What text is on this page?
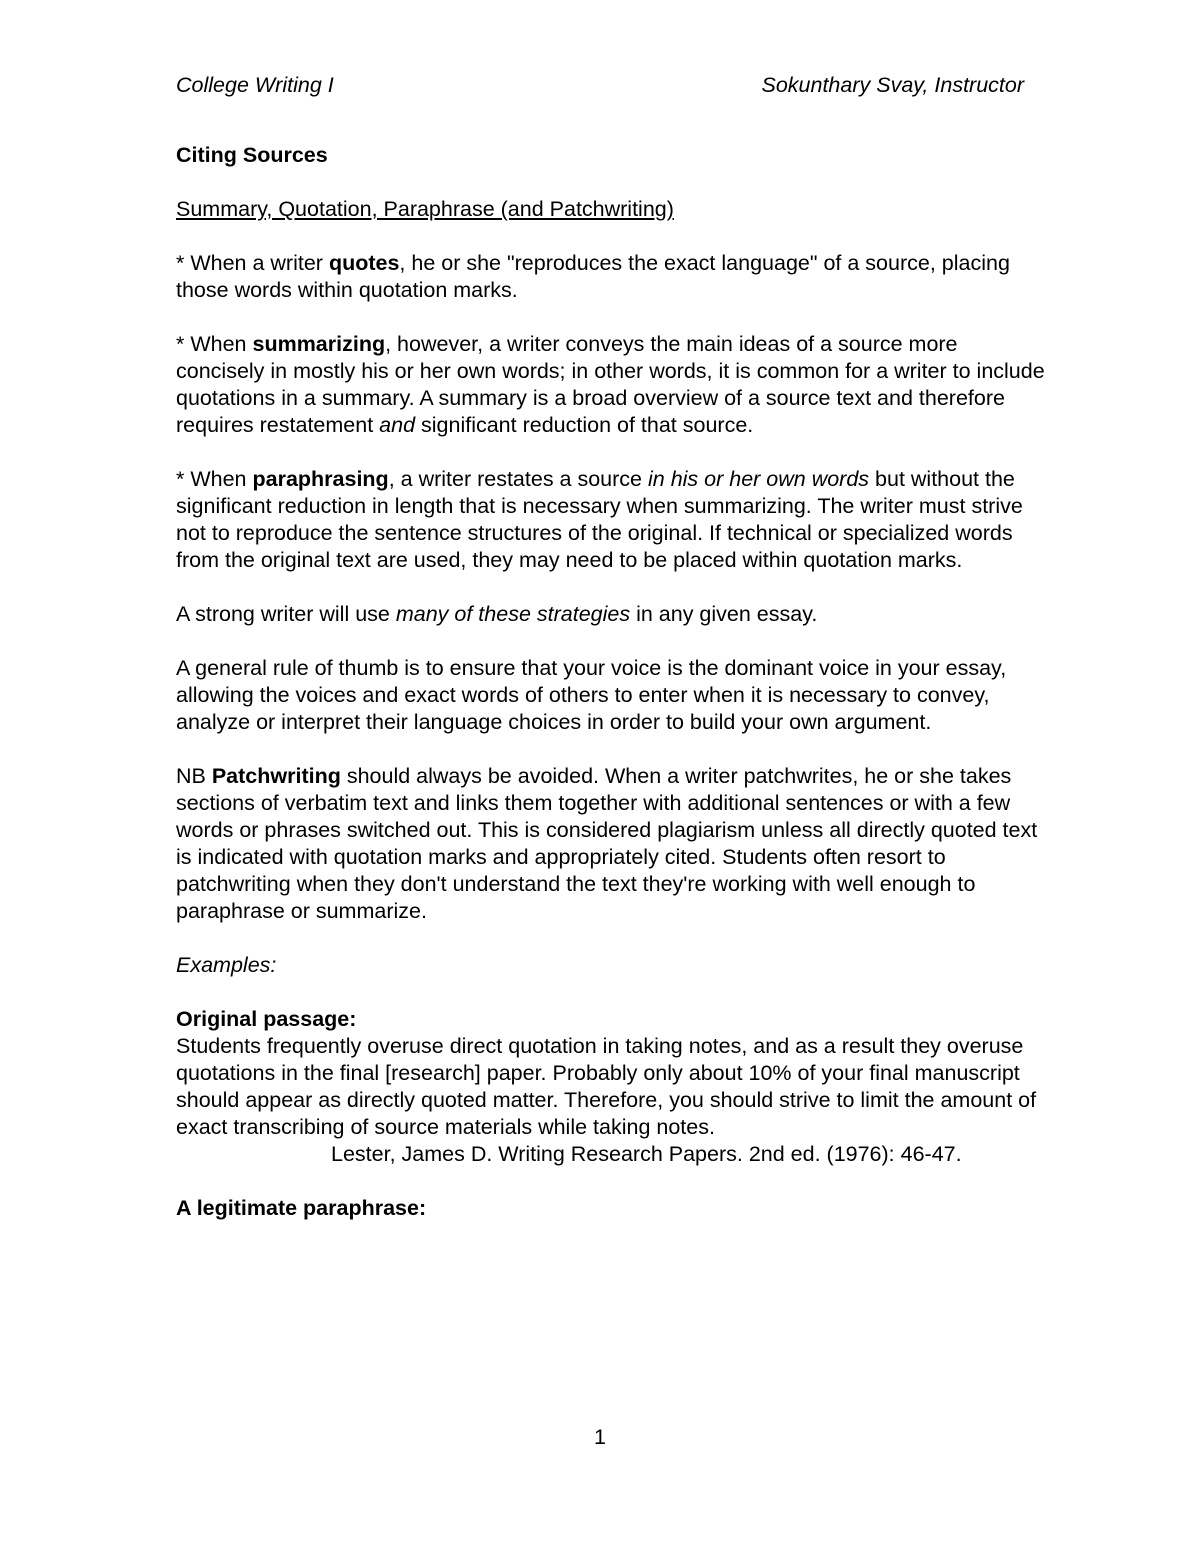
College Writing I	Sokunthary Svay, Instructor

Citing Sources

Summary, Quotation, Paraphrase (and Patchwriting)

* When a writer quotes, he or she "reproduces the exact language" of a source, placing those words within quotation marks.

* When summarizing, however, a writer conveys the main ideas of a source more concisely in mostly his or her own words; in other words, it is common for a writer to include quotations in a summary. A summary is a broad overview of a source text and therefore requires restatement and significant reduction of that source.

* When paraphrasing, a writer restates a source in his or her own words but without the significant reduction in length that is necessary when summarizing. The writer must strive not to reproduce the sentence structures of the original. If technical or specialized words from the original text are used, they may need to be placed within quotation marks.

A strong writer will use many of these strategies in any given essay.

A general rule of thumb is to ensure that your voice is the dominant voice in your essay, allowing the voices and exact words of others to enter when it is necessary to convey, analyze or interpret their language choices in order to build your own argument.

NB Patchwriting should always be avoided. When a writer patchwrites, he or she takes sections of verbatim text and links them together with additional sentences or with a few words or phrases switched out. This is considered plagiarism unless all directly quoted text is indicated with quotation marks and appropriately cited. Students often resort to patchwriting when they don't understand the text they're working with well enough to paraphrase or summarize.

Examples:

Original passage:

Students frequently overuse direct quotation in taking notes, and as a result they overuse quotations in the final [research] paper. Probably only about 10% of your final manuscript should appear as directly quoted matter. Therefore, you should strive to limit the amount of exact transcribing of source materials while taking notes.

Lester, James D. Writing Research Papers. 2nd ed. (1976): 46-47.

A legitimate paraphrase:

1
